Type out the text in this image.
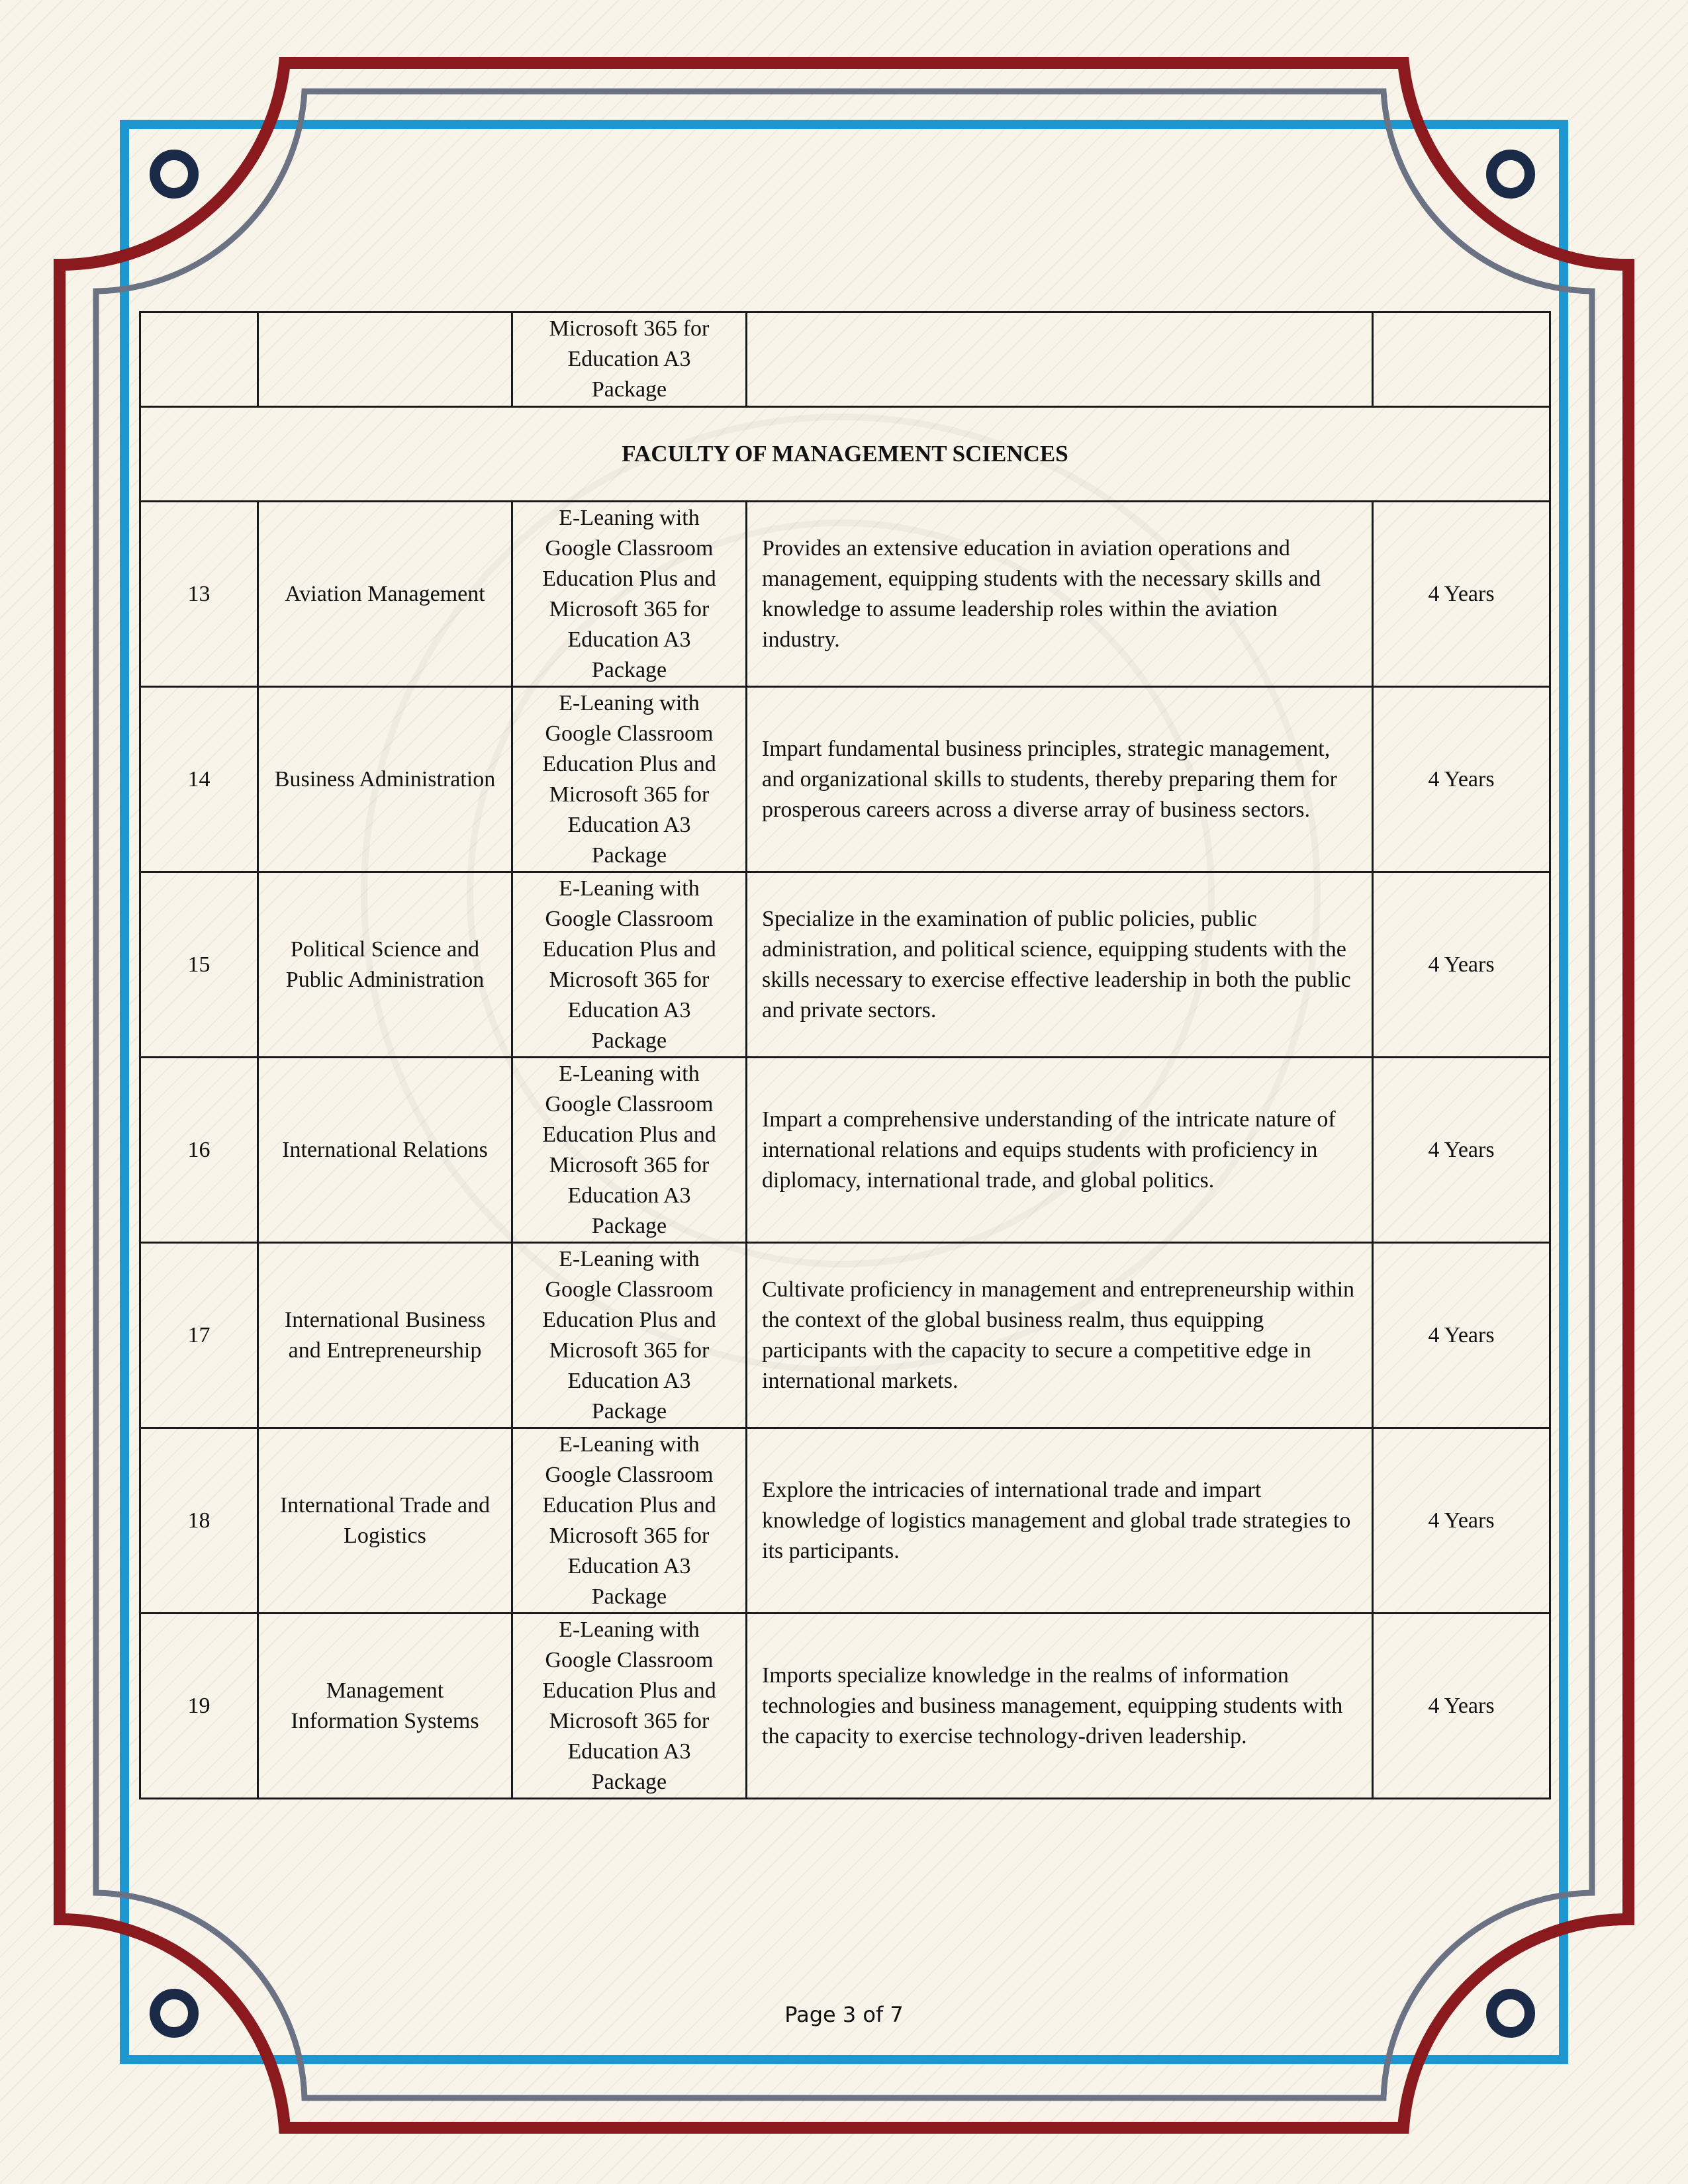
		Microsoft 365 for Education A3 Package		
FACULTY OF MANAGEMENT SCIENCES				
13	Aviation Management	E-Leaning with Google Classroom Education Plus and Microsoft 365 for Education A3 Package	Provides an extensive education in aviation operations and management, equipping students with the necessary skills and knowledge to assume leadership roles within the aviation industry.	4 Years
14	Business Administration	E-Leaning with Google Classroom Education Plus and Microsoft 365 for Education A3 Package	Impart fundamental business principles, strategic management, and organizational skills to students, thereby preparing them for prosperous careers across a diverse array of business sectors.	4 Years
15	Political Science and Public Administration	E-Leaning with Google Classroom Education Plus and Microsoft 365 for Education A3 Package	Specialize in the examination of public policies, public administration, and political science, equipping students with the skills necessary to exercise effective leadership in both the public and private sectors.	4 Years
16	International Relations	E-Leaning with Google Classroom Education Plus and Microsoft 365 for Education A3 Package	Impart a comprehensive understanding of the intricate nature of international relations and equips students with proficiency in diplomacy, international trade, and global politics.	4 Years
17	International Business and Entrepreneurship	E-Leaning with Google Classroom Education Plus and Microsoft 365 for Education A3 Package	Cultivate proficiency in management and entrepreneurship within the context of the global business realm, thus equipping participants with the capacity to secure a competitive edge in international markets.	4 Years
18	International Trade and Logistics	E-Leaning with Google Classroom Education Plus and Microsoft 365 for Education A3 Package	Explore the intricacies of international trade and impart knowledge of logistics management and global trade strategies to its participants.	4 Years
19	Management Information Systems	E-Leaning with Google Classroom Education Plus and Microsoft 365 for Education A3 Package	Imports specialize knowledge in the realms of information technologies and business management, equipping students with the capacity to exercise technology-driven leadership.	4 Years
Page 3 of 7
